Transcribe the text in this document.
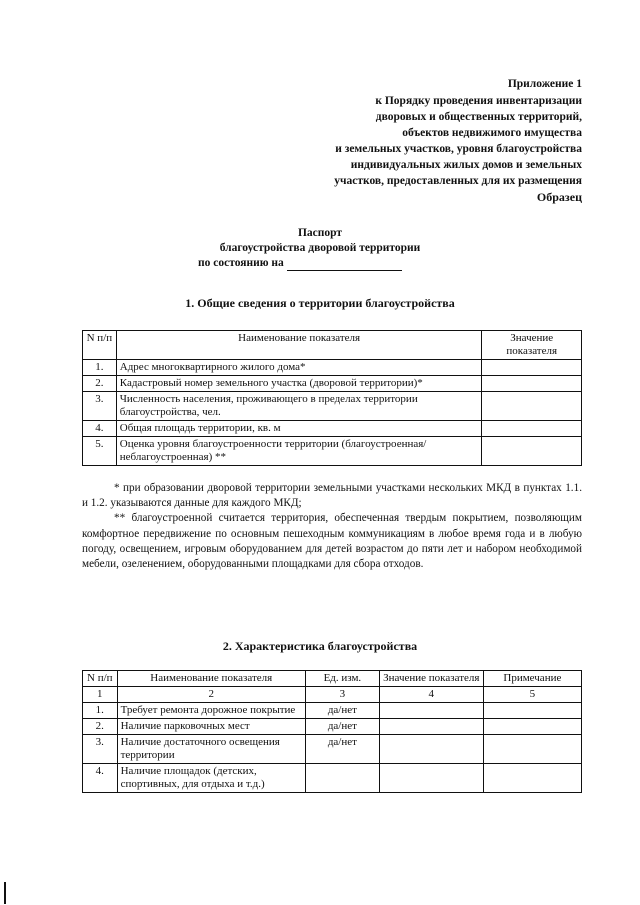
Приложение 1
к Порядку проведения инвентаризации
дворовых и общественных территорий,
объектов недвижимого имущества
и земельных участков, уровня благоустройства
индивидуальных жилых домов и земельных
участков, предоставленных для их размещения
Образец
Паспорт
благоустройства дворовой территории
по состоянию на
1. Общие сведения о территории благоустройства
N п/п	Наименование показателя	Значение показателя
1.	Адрес многоквартирного жилого дома*	
2.	Кадастровый номер земельного участка (дворовой территории)*	
3.	Численность населения, проживающего в пределах территории благоустройства, чел.	
4.	Общая площадь территории, кв. м	
5.	Оценка уровня благоустроенности территории (благоустроенная/ неблагоустроенная) **	

* при образовании дворовой территории земельными участками нескольких МКД в пунктах 1.1. и 1.2. указываются данные для каждого МКД;

** благоустроенной считается территория, обеспеченная твердым покрытием, позволяющим комфортное передвижение по основным пешеходным коммуникациям в любое время года и в любую погоду, освещением, игровым оборудованием для детей возрастом до пяти лет и набором необходимой мебели, озеленением, оборудованными площадками для сбора отходов.

2. Характеристика благоустройства
N п/п	Наименование показателя	Ед. изм.	Значение показателя	Примечание
1	2	3	4	5
1.	Требует ремонта дорожное покрытие	да/нет		
2.	Наличие парковочных мест	да/нет		
3.	Наличие достаточного освещения территории	да/нет		
4.	Наличие площадок (детских, спортивных, для отдыха и т.д.)			
